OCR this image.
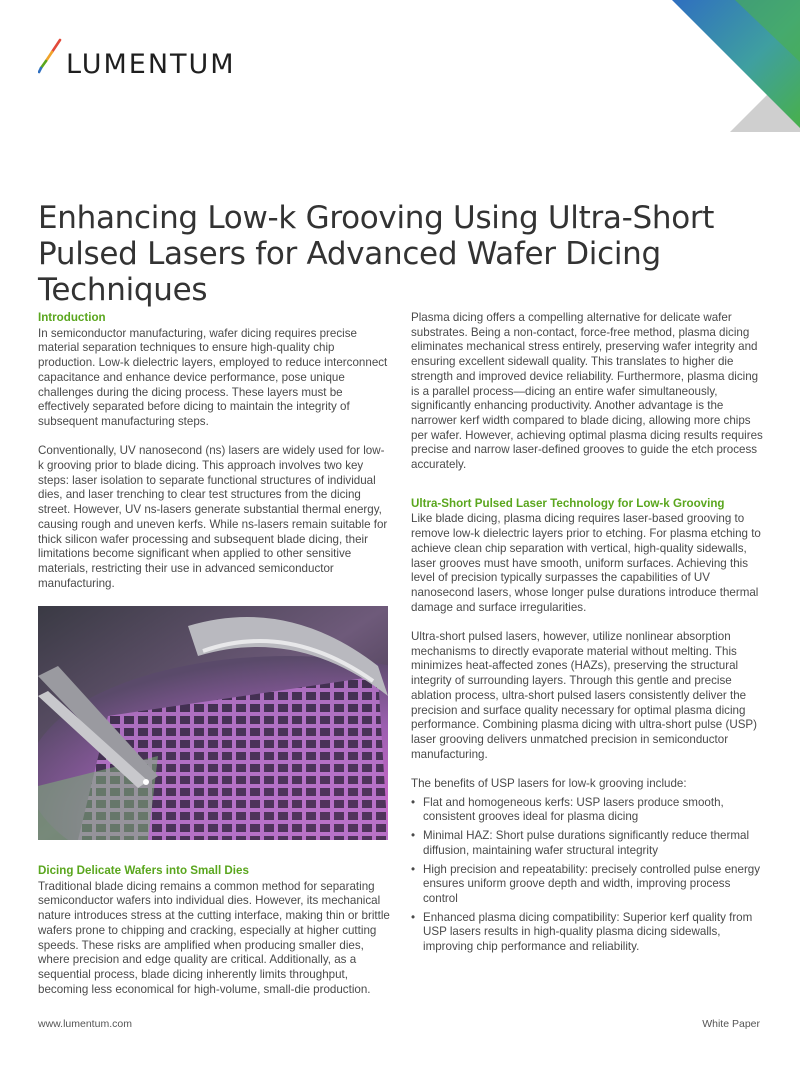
LUMENTUM
Enhancing Low-k Grooving Using Ultra-Short Pulsed Lasers for Advanced Wafer Dicing Techniques

Introduction

In semiconductor manufacturing, wafer dicing requires precise material separation techniques to ensure high-quality chip production. Low-k dielectric layers, employed to reduce interconnect capacitance and enhance device performance, pose unique challenges during the dicing process. These layers must be effectively separated before dicing to maintain the integrity of subsequent manufacturing steps.

Conventionally, UV nanosecond (ns) lasers are widely used for low-k grooving prior to blade dicing. This approach involves two key steps: laser isolation to separate functional structures of individual dies, and laser trenching to clear test structures from the dicing street. However, UV ns-lasers generate substantial thermal energy, causing rough and uneven kerfs. While ns-lasers remain suitable for thick silicon wafer processing and subsequent blade dicing, their limitations become significant when applied to other sensitive materials, restricting their use in advanced semiconductor manufacturing.

Dicing Delicate Wafers into Small Dies

Traditional blade dicing remains a common method for separating semiconductor wafers into individual dies. However, its mechanical nature introduces stress at the cutting interface, making thin or brittle wafers prone to chipping and cracking, especially at higher cutting speeds. These risks are amplified when producing smaller dies, where precision and edge quality are critical. Additionally, as a sequential process, blade dicing inherently limits throughput, becoming less economical for high-volume, small-die production.

Plasma dicing offers a compelling alternative for delicate wafer substrates. Being a non-contact, force-free method, plasma dicing eliminates mechanical stress entirely, preserving wafer integrity and ensuring excellent sidewall quality. This translates to higher die strength and improved device reliability. Furthermore, plasma dicing is a parallel process—dicing an entire wafer simultaneously, significantly enhancing productivity. Another advantage is the narrower kerf width compared to blade dicing, allowing more chips per wafer. However, achieving optimal plasma dicing results requires precise and narrow laser-defined grooves to guide the etch process accurately.

Ultra-Short Pulsed Laser Technology for Low-k Grooving

Like blade dicing, plasma dicing requires laser-based grooving to remove low-k dielectric layers prior to etching. For plasma etching to achieve clean chip separation with vertical, high-quality sidewalls, laser grooves must have smooth, uniform surfaces. Achieving this level of precision typically surpasses the capabilities of UV nanosecond lasers, whose longer pulse durations introduce thermal damage and surface irregularities.

Ultra-short pulsed lasers, however, utilize nonlinear absorption mechanisms to directly evaporate material without melting. This minimizes heat-affected zones (HAZs), preserving the structural integrity of surrounding layers. Through this gentle and precise ablation process, ultra-short pulsed lasers consistently deliver the precision and surface quality necessary for optimal plasma dicing performance. Combining plasma dicing with ultra-short pulse (USP) laser grooving delivers unmatched precision in semiconductor manufacturing.

The benefits of USP lasers for low-k grooving include:

• Flat and homogeneous kerfs: USP lasers produce smooth, consistent grooves ideal for plasma dicing
• Minimal HAZ: Short pulse durations significantly reduce thermal diffusion, maintaining wafer structural integrity
• High precision and repeatability: precisely controlled pulse energy ensures uniform groove depth and width, improving process control
• Enhanced plasma dicing compatibility: Superior kerf quality from USP lasers results in high-quality plasma dicing sidewalls, improving chip performance and reliability.
www.lumentum.com	White Paper
